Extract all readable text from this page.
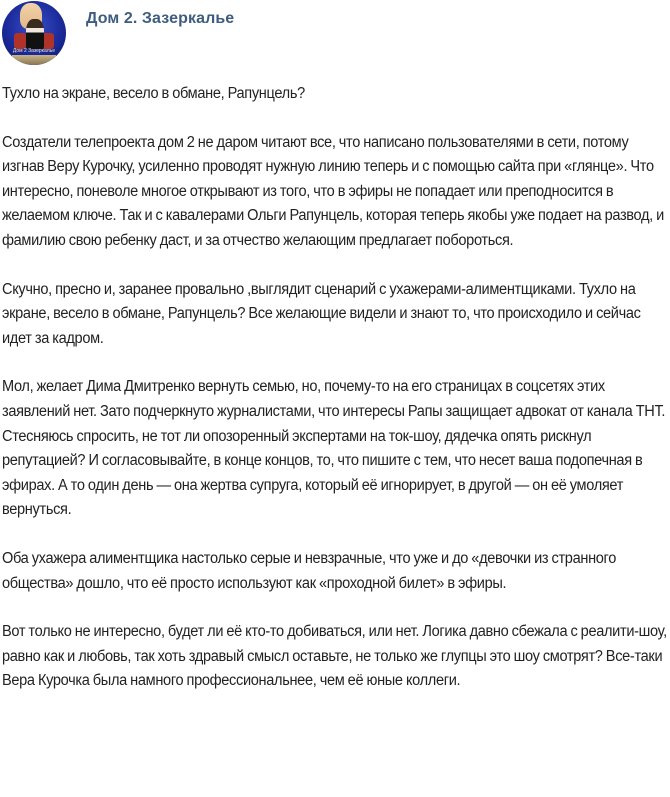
Дом 2 Зазеркалье
Дом 2. Зазеркалье

Тухло на экране, весело в обмане, Рапунцель?

Создатели телепроекта дом 2 не даром читают все, что написано пользователями в сети, потому изгнав Веру Курочку, усиленно проводят нужную линию теперь и с помощью сайта при «глянце». Что интересно, поневоле многое открывают из того, что в эфиры не попадает или преподносится в желаемом ключе. Так и с кавалерами Ольги Рапунцель, которая теперь якобы уже подает на развод, и фамилию свою ребенку даст, и за отчество желающим предлагает побороться.

Скучно, пресно и, заранее провально ,выглядит сценарий с ухажерами-алиментщиками. Тухло на экране, весело в обмане, Рапунцель? Все желающие видели и знают то, что происходило и сейчас идет за кадром.

Мол, желает Дима Дмитренко вернуть семью, но, почему-то на его страницах в соцсетях этих заявлений нет. Зато подчеркнуто журналистами, что интересы Рапы защищает адвокат от канала ТНТ. Стесняюсь спросить, не тот ли опозоренный экспертами на ток-шоу, дядечка опять рискнул репутацией? И согласовывайте, в конце концов, то, что пишите с тем, что несет ваша подопечная в эфирах. А то один день — она жертва супруга, который её игнорирует, в другой — он её умоляет вернуться.

Оба ухажера алиментщика настолько серые и невзрачные, что уже и до «девочки из странного общества» дошло, что её просто используют как «проходной билет» в эфиры.

Вот только не интересно, будет ли её кто-то добиваться, или нет. Логика давно сбежала с реалити-шоу, равно как и любовь, так хоть здравый смысл оставьте, не только же глупцы это шоу смотрят? Все-таки Вера Курочка была намного профессиональнее, чем её юные коллеги.
